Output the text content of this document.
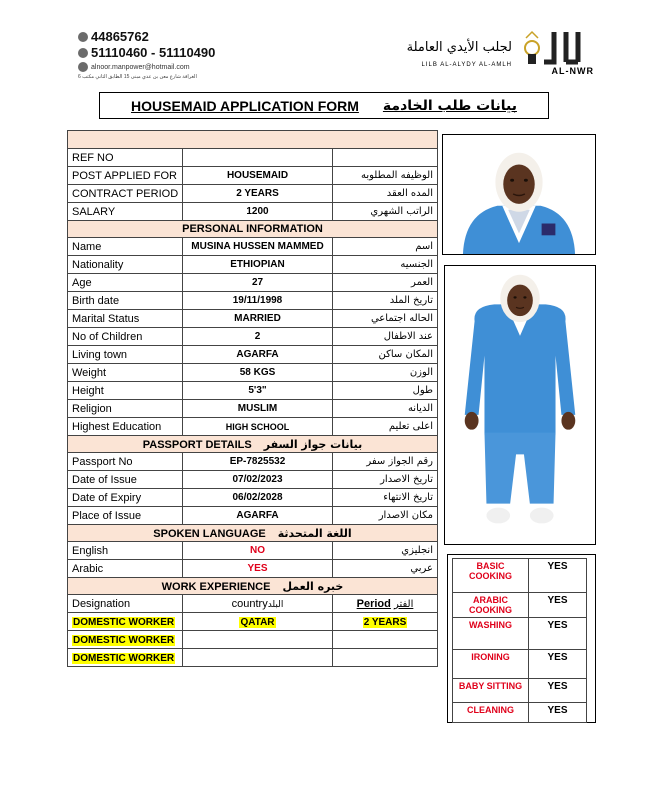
44865762
51110460 - 51110490
alnoor.manpower@hotmail.com
الغرافة شارع معن بن عدي مبنى 15 الطابق الثاني مكتب 6
لجلب الأيدي العاملة
LILB AL-ALYDY AL-AMLH
AL-NWR
HOUSEMAID APPLICATION FORM بيانات طلب الخادمة

REF NO		
POST APPLIED FOR	HOUSEMAID	الوظيفه المطلوبه
CONTRACT PERIOD	2 YEARS	المده العقد
SALARY	1200	الراتب الشهري
PERSONAL INFORMATION		
Name	MUSINA HUSSEN MAMMED	اسم
Nationality	ETHIOPIAN	الجنسيه
Age	27	العمر
Birth date	19/11/1998	تاريخ الملد
Marital Status	MARRIED	الحاله اجتماعي
No of Children	2	عند الاطفال
Living town	AGARFA	المكان ساكن
Weight	58 KGS	الوزن
Height	5'3"	طول
Religion	MUSLIM	الديانه
Highest Education	HIGH SCHOOL	اعلى تعليم
PASSPORT DETAILS بيانات جواز السفر		
Passport No	EP-7825532	رقم الجواز سفر
Date of Issue	07/02/2023	تاريخ الاصدار
Date of Expiry	06/02/2028	تاريخ الانتهاء
Place of Issue	AGARFA	مكان الاصدار
SPOKEN LANGUAGE اللغة المتحدثة		
English	NO	انجليزي
Arabic	YES	عربي
WORK EXPERIENCE خبره العمل		
Designation	countryالبلد	Period الفتر
DOMESTIC WORKER	QATAR	2 YEARS
DOMESTIC WORKER		
DOMESTIC WORKER		
BASIC COOKING	YES
ARABIC COOKING	YES
WASHING	YES
IRONING	YES
BABY SITTING	YES
CLEANING	YES
